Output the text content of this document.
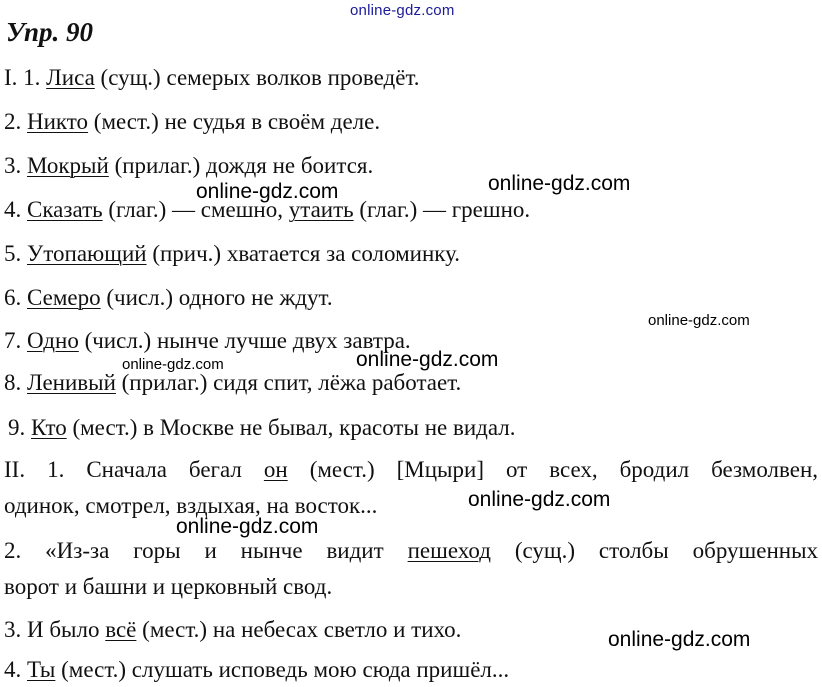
online-gdz.com
Упр. 90
I. 1. Лиса (сущ.) семерых волков проведёт.
2. Никто (мест.) не судья в своём деле.
3. Мокрый (прилаг.) дождя не боится.
4. Сказать (глаг.) — смешно, утаить (глаг.) — грешно.
5. Утопающий (прич.) хватается за соломинку.
6. Семеро (числ.) одного не ждут.
7. Одно (числ.) нынче лучше двух завтра.
8. Ленивый (прилаг.) сидя спит, лёжа работает.
9. Кто (мест.) в Москве не бывал, красоты не видал.
II. 1. Сначала бегал он (мест.) [Мцыри] от всех, бродил безмолвен,
одинок, смотрел, вздыхая, на восток...
2. «Из-за горы и нынче видит пешеход (сущ.) столбы обрушенных
ворот и башни и церковный свод.
3. И было всё (мест.) на небесах светло и тихо.
4. Ты (мест.) слушать исповедь мою сюда пришёл...
online-gdz.com	online-gdz.com
online-gdz.com
online-gdz.com	online-gdz.com
online-gdz.com
online-gdz.com
online-gdz.com
